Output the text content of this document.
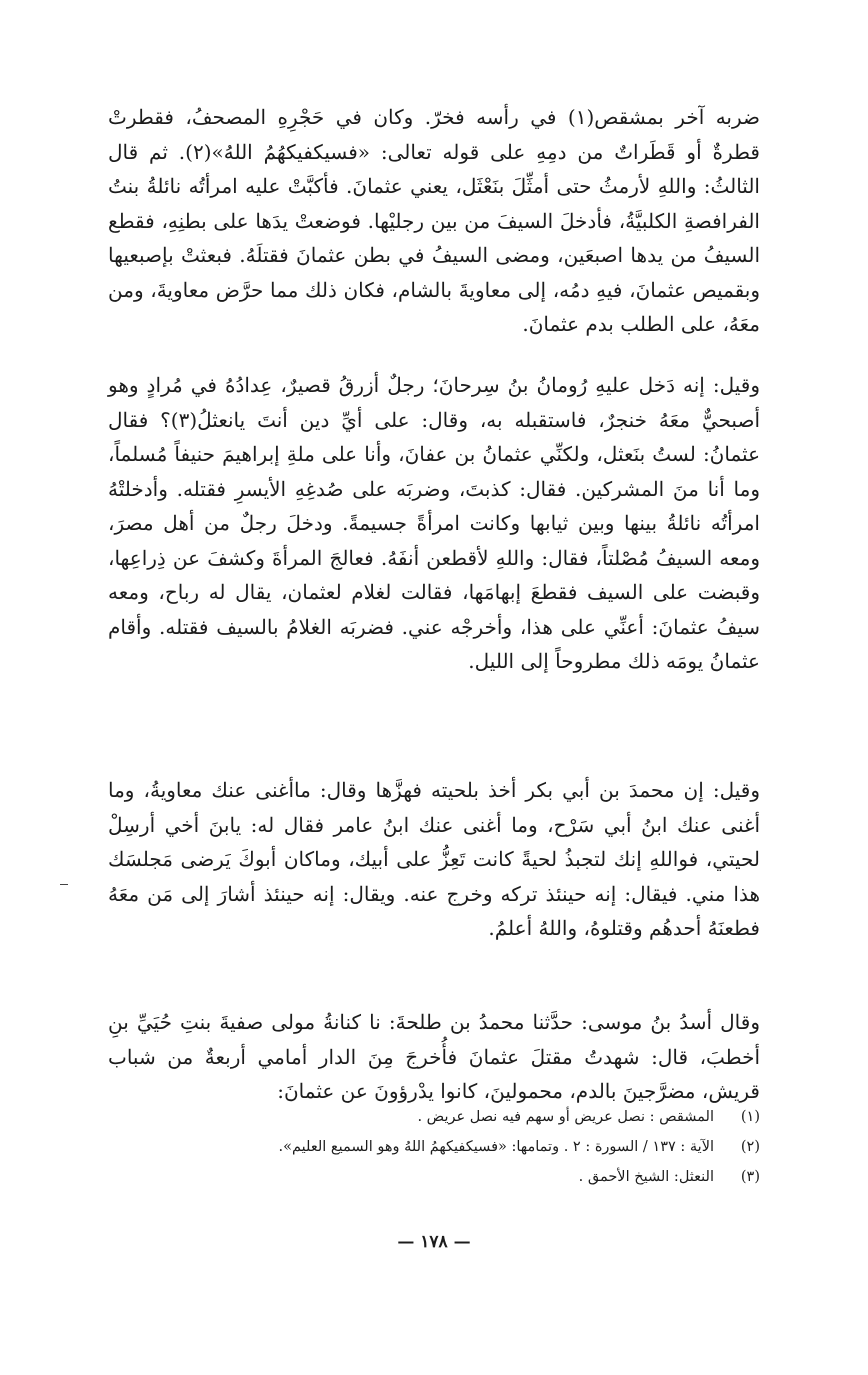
ضربه آخر بمشقص(١) في رأسه فخرّ. وكان في حَجْرِهِ المصحفُ، فقطرتْ قطرةٌ أو قَطَراتٌ من دمِهِ على قوله تعالى: «فسيكفيكهُمُ اللهُ»(٢). ثم قال الثالثُ: واللهِ لأرمثُ حتى أمثِّلَ بنَعْثَل، يعني عثمانَ. فأكبَّتْ عليه امرأتُه نائلةُ بنتُ الفرافصةِ الكلبيَّةُ، فأدخلَ السيفَ من بين رجليْها. فوضعتْ يدَها على بطنِهِ، فقطع السيفُ من يدها اصبعَين، ومضى السيفُ في بطن عثمانَ فقتلَهُ. فبعثتْ بإصبعيها وبقميص عثمانَ، فيهِ دمُه، إلى معاويةَ بالشام، فكان ذلك مما حرَّض معاويةَ، ومن معَهُ، على الطلب بدم عثمانَ.

وقيل: إنه دَخل عليهِ رُومانُ بنُ سِرحانَ؛ رجلٌ أزرقُ قصيرٌ، عِدادُهُ في مُرادٍ وهو أصبحيٌّ معَهُ خنجرٌ، فاستقبله به، وقال: على أيِّ دين أنتَ يانعثلُ(٣)؟ فقال عثمانُ: لستُ بنَعثل، ولكنِّي عثمانُ بن عفانَ، وأنا على ملةِ إبراهيمَ حنيفاً مُسلماً، وما أنا منَ المشركين. فقال: كذبتَ، وضربَه على صُدغِهِ الأيسرِ فقتله. وأدخلتْهُ امرأتُه نائلةُ بينها وبين ثيابها وكانت امرأةً جسيمةً. ودخلَ رجلٌ من أهل مصرَ، ومعه السيفُ مُصْلتاً، فقال: واللهِ لأقطعن أنفَهُ. فعالجَ المرأةَ وكشفَ عن ذِراعِها، وقبضت على السيف فقطعَ إبهامَها، فقالت لغلام لعثمان، يقال له رباح، ومعه سيفُ عثمانَ: أعنِّي على هذا، وأخرجْه عني. فضربَه الغلامُ بالسيف فقتله. وأقام عثمانُ يومَه ذلك مطروحاً إلى الليل.

وقيل: إن محمدَ بن أبي بكر أخذ بلحيته فهزَّها وقال: ماأغنى عنك معاويةُ، وما أغنى عنك ابنُ أبي سَرْح، وما أغنى عنك ابنُ عامر فقال له: يابنَ أخي أرسِلْ لحيتي، فواللهِ إنك لتجبذُ لحيةً كانت تَعِزُّ على أبيك، وماكان أبوكَ يَرضى مَجلسَك هذا مني. فيقال: إنه حينئذ تركه وخرج عنه. ويقال: إنه حينئذ أشارَ إلى مَن معَهُ فطعنَهُ أحدهُم وقتلوهُ، واللهُ أعلمُ.

وقال أسدُ بنُ موسى: حدَّثنا محمدُ بن طلحةَ: نا كنانةُ مولى صفيةَ بنتِ حُيَيِّ بنِ أخطبَ، قال: شهدتُ مقتلَ عثمانَ فأُخرجَ مِنَ الدار أمامي أربعةٌ من شباب قريش، مضرَّجينَ بالدم، محمولينَ، كانوا يدْرؤونَ عن عثمانَ:

(١)
المشقص : نصل عريض أو سهم فيه نصل عريض .
(٢)
الآية : ١٣٧ / السورة : ٢ . وتمامها: «فسيكفيكهمُ اللهُ وهو السميع العليم».
(٣)
النعثل: الشيخ الأحمق .
— ١٧٨ —
